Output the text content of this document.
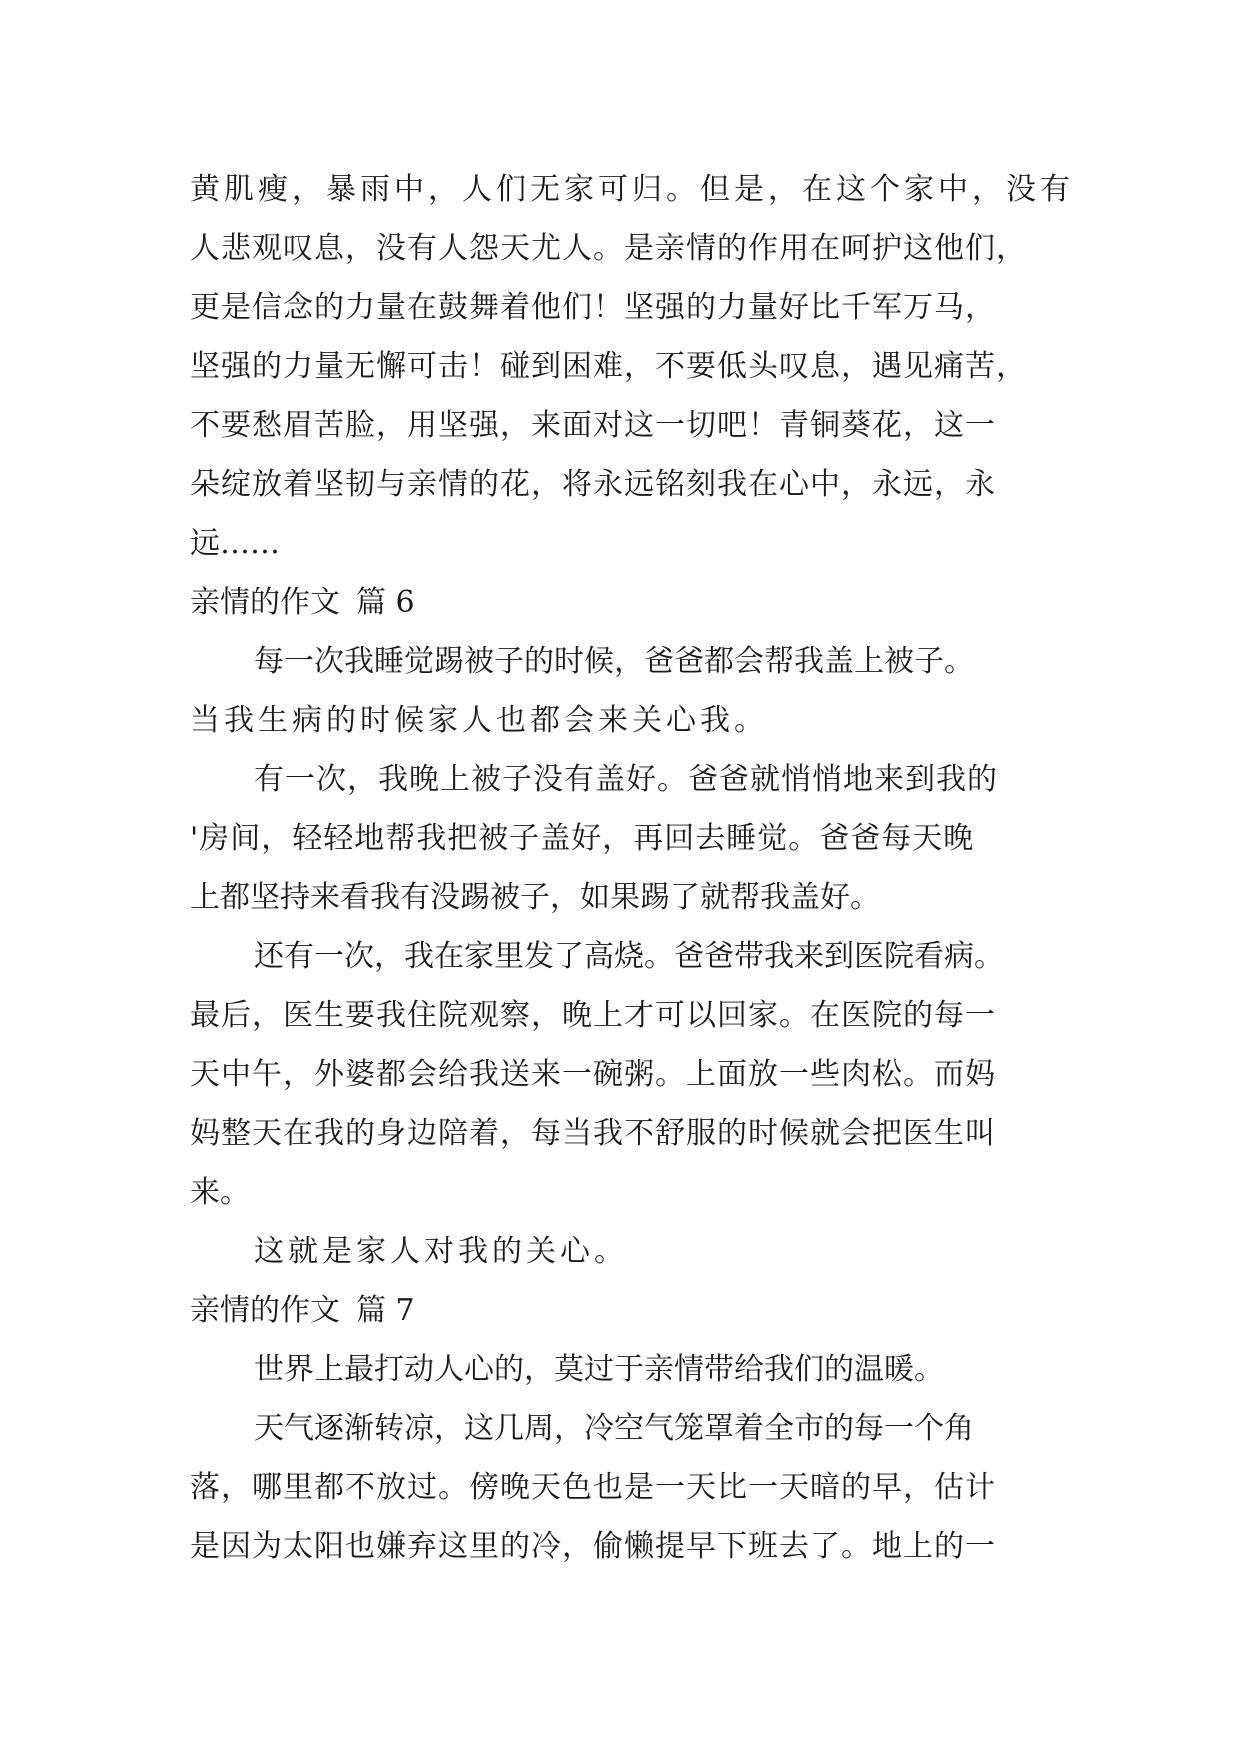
黄肌瘦，暴雨中，人们无家可归。但是，在这个家中，没有
人悲观叹息，没有人怨天尤人。是亲情的作用在呵护这他们，
更是信念的力量在鼓舞着他们！坚强的力量好比千军万马，
坚强的力量无懈可击！碰到困难，不要低头叹息，遇见痛苦，
不要愁眉苦脸，用坚强，来面对这一切吧！青铜葵花，这一
朵绽放着坚韧与亲情的花，将永远铭刻我在心中，永远，永
远……
亲情的作文 篇 6
每一次我睡觉踢被子的时候，爸爸都会帮我盖上被子。
当我生病的时候家人也都会来关心我。
有一次，我晚上被子没有盖好。爸爸就悄悄地来到我的
'房间，轻轻地帮我把被子盖好，再回去睡觉。爸爸每天晚
上都坚持来看我有没踢被子，如果踢了就帮我盖好。
还有一次，我在家里发了高烧。爸爸带我来到医院看病。
最后，医生要我住院观察，晚上才可以回家。在医院的每一
天中午，外婆都会给我送来一碗粥。上面放一些肉松。而妈
妈整天在我的身边陪着，每当我不舒服的时候就会把医生叫
来。
这就是家人对我的关心。
亲情的作文 篇 7
世界上最打动人心的，莫过于亲情带给我们的温暖。
天气逐渐转凉，这几周，冷空气笼罩着全市的每一个角
落，哪里都不放过。傍晚天色也是一天比一天暗的早，估计
是因为太阳也嫌弃这里的冷，偷懒提早下班去了。地上的一
